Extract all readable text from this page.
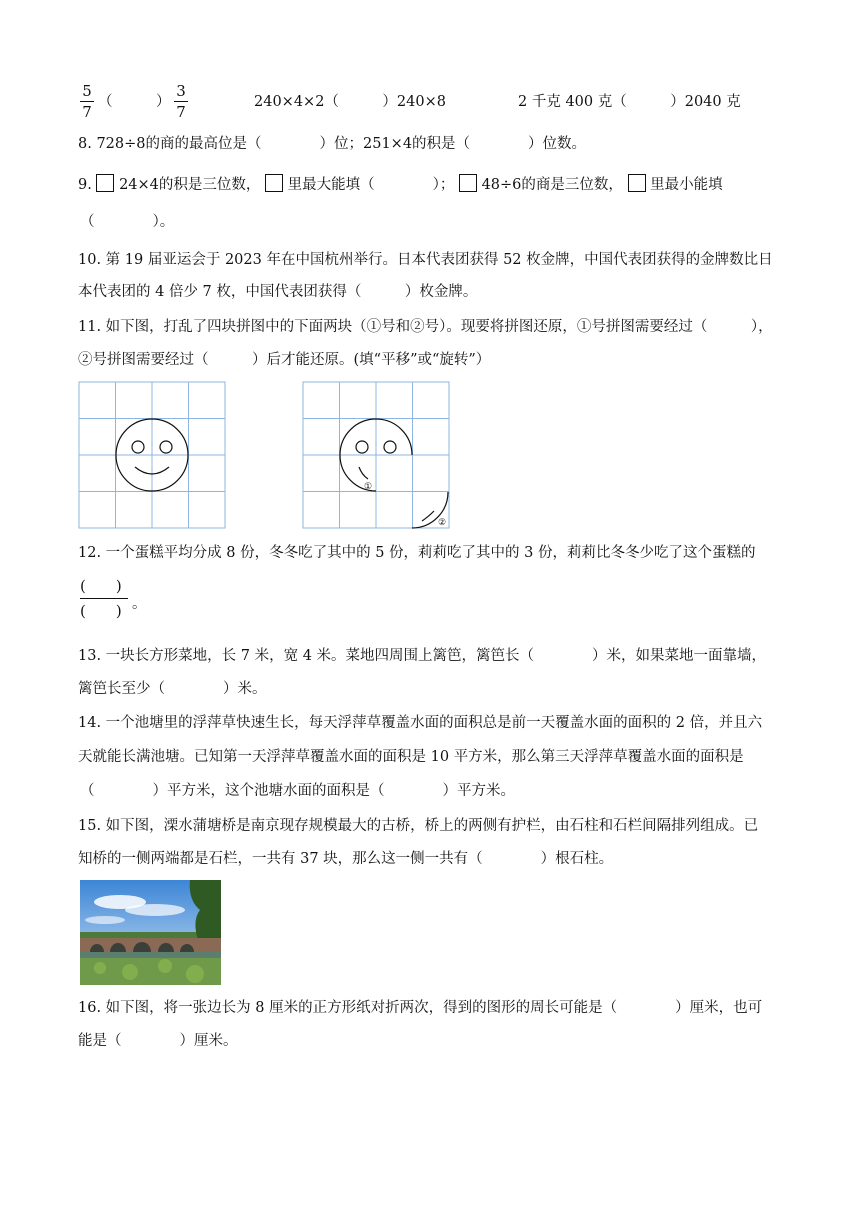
5
7
（　　　）
3
7
240×4×2（　　　）240×8	2 千克 400 克（　　　）2040 克
8. 728÷8的商的最高位是（　　　　）位；251×4的积是（　　　　）位数。
9. 24×4的积是三位数， 里最大能填（　　　　）； 48÷6的商是三位数， 里最小能填
（　　　　）。
10. 第 19 届亚运会于 2023 年在中国杭州举行。日本代表团获得 52 枚金牌，中国代表团获得的金牌数比日
本代表团的 4 倍少 7 枚，中国代表团获得（　　　）枚金牌。
11. 如下图，打乱了四块拼图中的下面两块（①号和②号）。现要将拼图还原，①号拼图需要经过（　　　），
②号拼图需要经过（　　　）后才能还原。(填“平移”或“旋转”）
①
②
12. 一个蛋糕平均分成 8 份，冬冬吃了其中的 5 份，莉莉吃了其中的 3 份，莉莉比冬冬少吃了这个蛋糕的
(　　)
(　　) 。
13. 一块长方形菜地，长 7 米，宽 4 米。菜地四周围上篱笆，篱笆长（　　　　）米，如果菜地一面靠墙，
篱笆长至少（　　　　）米。
14. 一个池塘里的浮萍草快速生长，每天浮萍草覆盖水面的面积总是前一天覆盖水面的面积的 2 倍，并且六
天就能长满池塘。已知第一天浮萍草覆盖水面的面积是 10 平方米，那么第三天浮萍草覆盖水面的面积是
（　　　　）平方米，这个池塘水面的面积是（　　　　）平方米。
15. 如下图，溧水蒲塘桥是南京现存规模最大的古桥，桥上的两侧有护栏，由石柱和石栏间隔排列组成。已
知桥的一侧两端都是石栏，一共有 37 块，那么这一侧一共有（　　　　）根石柱。
16. 如下图，将一张边长为 8 厘米的正方形纸对折两次，得到的图形的周长可能是（　　　　）厘米，也可
能是（　　　　）厘米。
